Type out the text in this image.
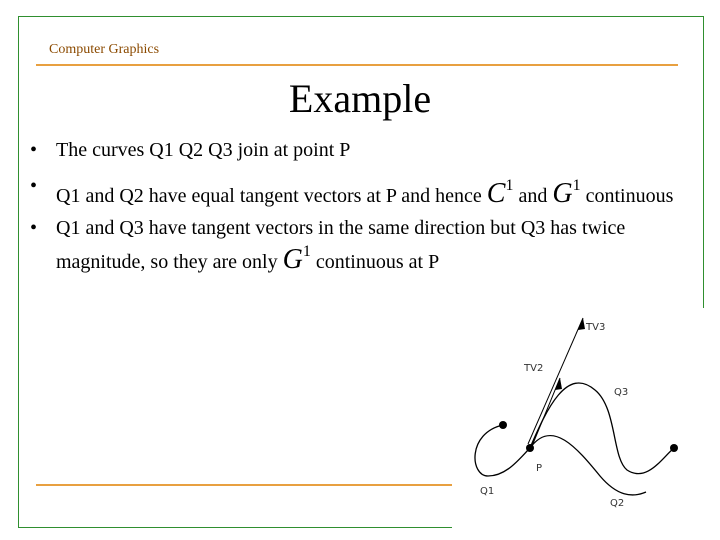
Computer Graphics
Example
• The curves Q1 Q2 Q3 join at point P
• Q1 and Q2 have equal tangent vectors at P and hence $C^1$ and $G^1$ continuous
• Q1 and Q3 have tangent vectors in the same direction but Q3 has twice magnitude, so they are only $G^1$ continuous at P
TV3
TV2
Q3
P
Q1
Q2
